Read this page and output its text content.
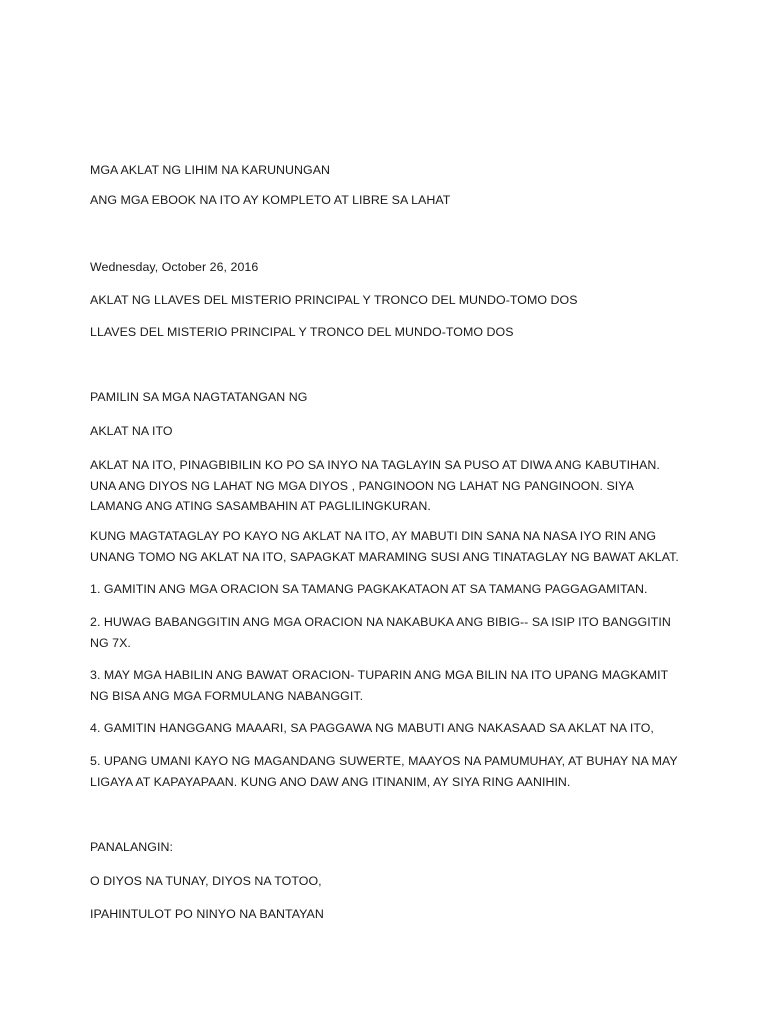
MGA AKLAT NG LIHIM NA KARUNUNGAN

ANG MGA EBOOK NA ITO AY KOMPLETO AT LIBRE SA LAHAT

Wednesday, October 26, 2016

AKLAT NG LLAVES DEL MISTERIO PRINCIPAL Y TRONCO DEL MUNDO-TOMO DOS

LLAVES DEL MISTERIO PRINCIPAL Y TRONCO DEL MUNDO-TOMO DOS

PAMILIN SA MGA NAGTATANGAN NG

AKLAT NA ITO

AKLAT NA ITO, PINAGBIBILIN KO PO SA INYO NA TAGLAYIN SA PUSO AT DIWA ANG KABUTIHAN. UNA ANG DIYOS NG LAHAT NG MGA DIYOS , PANGINOON NG LAHAT NG PANGINOON. SIYA LAMANG ANG ATING SASAMBAHIN AT PAGLILINGKURAN.

KUNG MAGTATAGLAY PO KAYO NG AKLAT NA ITO, AY MABUTI DIN SANA NA NASA IYO RIN ANG UNANG TOMO NG AKLAT NA ITO, SAPAGKAT MARAMING SUSI ANG TINATAGLAY NG BAWAT AKLAT.

1. GAMITIN ANG MGA ORACION SA TAMANG PAGKAKATAON AT SA TAMANG PAGGAGAMITAN.

2. HUWAG BABANGGITIN ANG MGA ORACION NA NAKABUKA ANG BIBIG-- SA ISIP ITO BANGGITIN NG 7X.

3. MAY MGA HABILIN ANG BAWAT ORACION- TUPARIN ANG MGA BILIN NA ITO UPANG MAGKAMIT NG BISA ANG MGA FORMULANG NABANGGIT.

4. GAMITIN HANGGANG MAAARI, SA PAGGAWA NG MABUTI ANG NAKASAAD SA AKLAT NA ITO,

5. UPANG UMANI KAYO NG MAGANDANG SUWERTE, MAAYOS NA PAMUMUHAY, AT BUHAY NA MAY LIGAYA AT KAPAYAPAAN. KUNG ANO DAW ANG ITINANIM, AY SIYA RING AANIHIN.

PANALANGIN:

O DIYOS NA TUNAY, DIYOS NA TOTOO,

IPAHINTULOT PO NINYO NA BANTAYAN
